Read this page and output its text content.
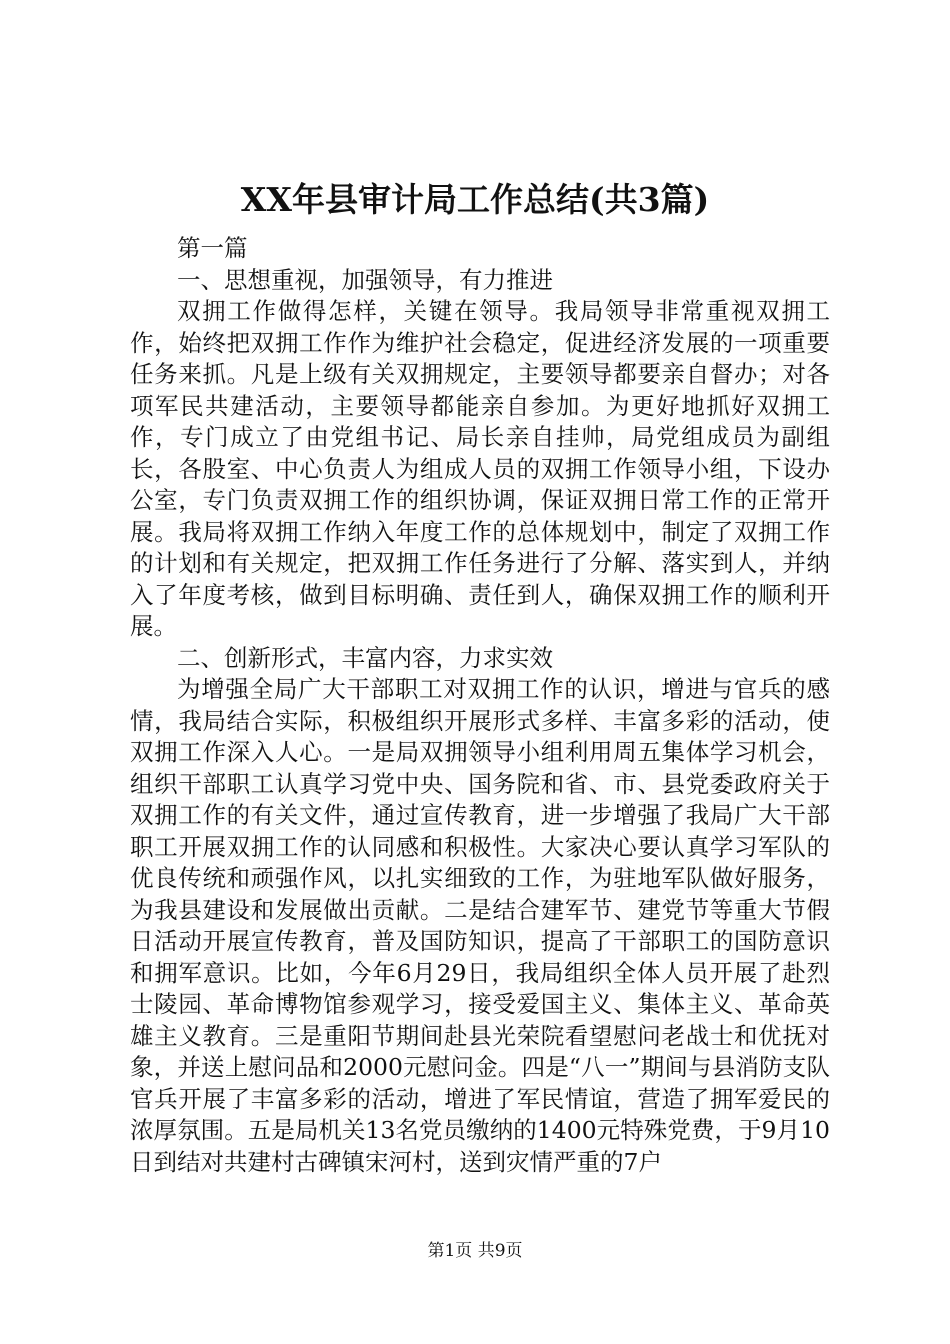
XX年县审计局工作总结(共3篇)

第一篇

一、思想重视，加强领导，有力推进

双拥工作做得怎样，关键在领导。我局领导非常重视双拥工作，始终把双拥工作作为维护社会稳定，促进经济发展的一项重要任务来抓。凡是上级有关双拥规定，主要领导都要亲自督办；对各项军民共建活动，主要领导都能亲自参加。为更好地抓好双拥工作，专门成立了由党组书记、局长亲自挂帅，局党组成员为副组长，各股室、中心负责人为组成人员的双拥工作领导小组，下设办公室，专门负责双拥工作的组织协调，保证双拥日常工作的正常开展。我局将双拥工作纳入年度工作的总体规划中，制定了双拥工作的计划和有关规定，把双拥工作任务进行了分解、落实到人，并纳入了年度考核，做到目标明确、责任到人，确保双拥工作的顺利开展。

二、创新形式，丰富内容，力求实效

为增强全局广大干部职工对双拥工作的认识，增进与官兵的感情，我局结合实际，积极组织开展形式多样、丰富多彩的活动，使双拥工作深入人心。一是局双拥领导小组利用周五集体学习机会，组织干部职工认真学习党中央、国务院和省、市、县党委政府关于双拥工作的有关文件，通过宣传教育，进一步增强了我局广大干部职工开展双拥工作的认同感和积极性。大家决心要认真学习军队的优良传统和顽强作风，以扎实细致的工作，为驻地军队做好服务，为我县建设和发展做出贡献。二是结合建军节、建党节等重大节假日活动开展宣传教育，普及国防知识，提高了干部职工的国防意识和拥军意识。比如，今年6月29日，我局组织全体人员开展了赴烈士陵园、革命博物馆参观学习，接受爱国主义、集体主义、革命英雄主义教育。三是重阳节期间赴县光荣院看望慰问老战士和优抚对象，并送上慰问品和2000元慰问金。四是“八一”期间与县消防支队官兵开展了丰富多彩的活动，增进了军民情谊，营造了拥军爱民的浓厚氛围。五是局机关13名党员缴纳的1400元特殊党费，于9月10日到结对共建村古碑镇宋河村，送到灾情严重的7户

第1页 共9页
